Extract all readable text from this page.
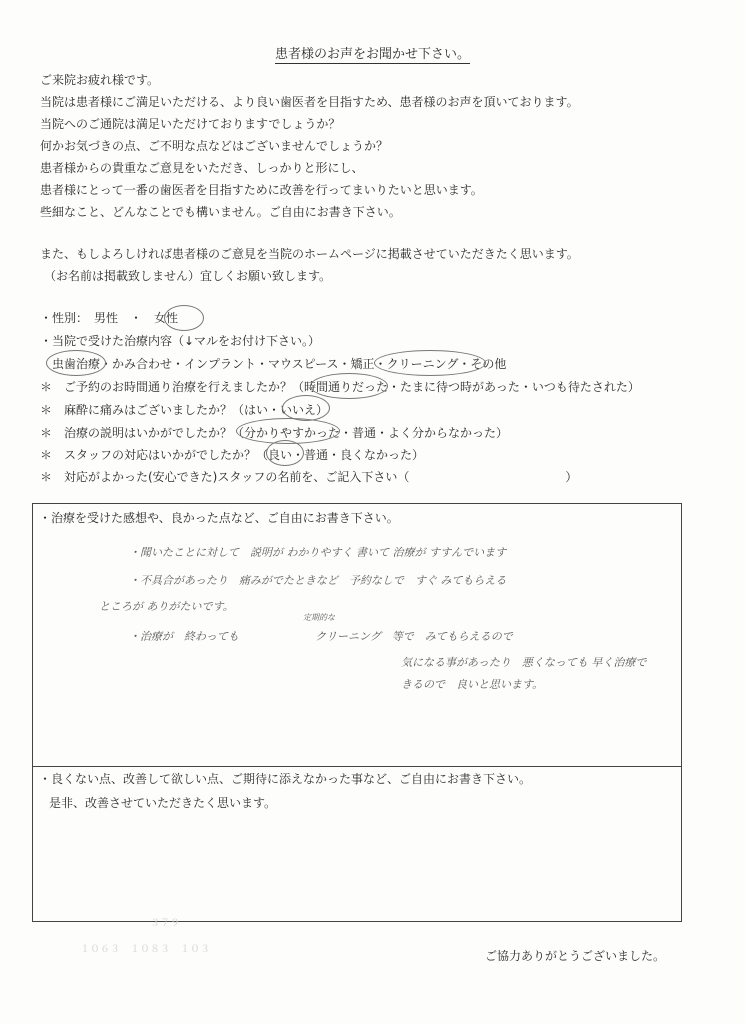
患者様のお声をお聞かせ下さい。
ご来院お疲れ様です。
当院は患者様にご満足いただける、より良い歯医者を目指すため、患者様のお声を頂いております。
当院へのご通院は満足いただけておりますでしょうか？
何かお気づきの点、ご不明な点などはございませんでしょうか？
患者様からの貴重なご意見をいただき、しっかりと形にし、
患者様にとって一番の歯医者を目指すために改善を行ってまいりたいと思います。
些細なこと、どんなことでも構いません。ご自由にお書き下さい。
また、もしよろしければ患者様のご意見を当院のホームページに掲載させていただきたく思います。
（お名前は掲載致しません）宜しくお願い致します。
・性別：　男性　・　女性
・当院で受けた治療内容（↓マルをお付け下さい。）
虫歯治療・かみ合わせ・インプラント・マウスピース・矯正・クリーニング・その他
＊　ご予約のお時間通り治療を行えましたか？（時間通りだった・たまに待つ時があった・いつも待たされた）
＊　麻酔に痛みはございましたか？（はい・いいえ）
＊　治療の説明はいかがでしたか？（分かりやすかった・普通・よく分からなかった）
＊　スタッフの対応はいかがでしたか？（良い・普通・良くなかった）
＊　対応がよかった(安心できた)スタッフの名前を、ご記入下さい（　　　　　　　　　　　　　）
・治療を受けた感想や、良かった点など、ご自由にお書き下さい。
・聞いたことに対して　説明が わかりやすく 書いて 治療が すすんでいます
・不具合があったり　痛みがでたときなど　予約なしで　すぐ みてもらえる
ところが ありがたいです。
・治療が　終わっても
定期的な
クリーニング　等で　みてもらえるので
気になる事があったり　悪くなっても 早く治療で
きるので　良いと思います。
・良くない点、改善して欲しい点、ご期待に添えなかった事など、ご自由にお書き下さい。
是非、改善させていただきたく思います。
３７９
１０６３　１０８３　１０３	ご協力ありがとうございました。
